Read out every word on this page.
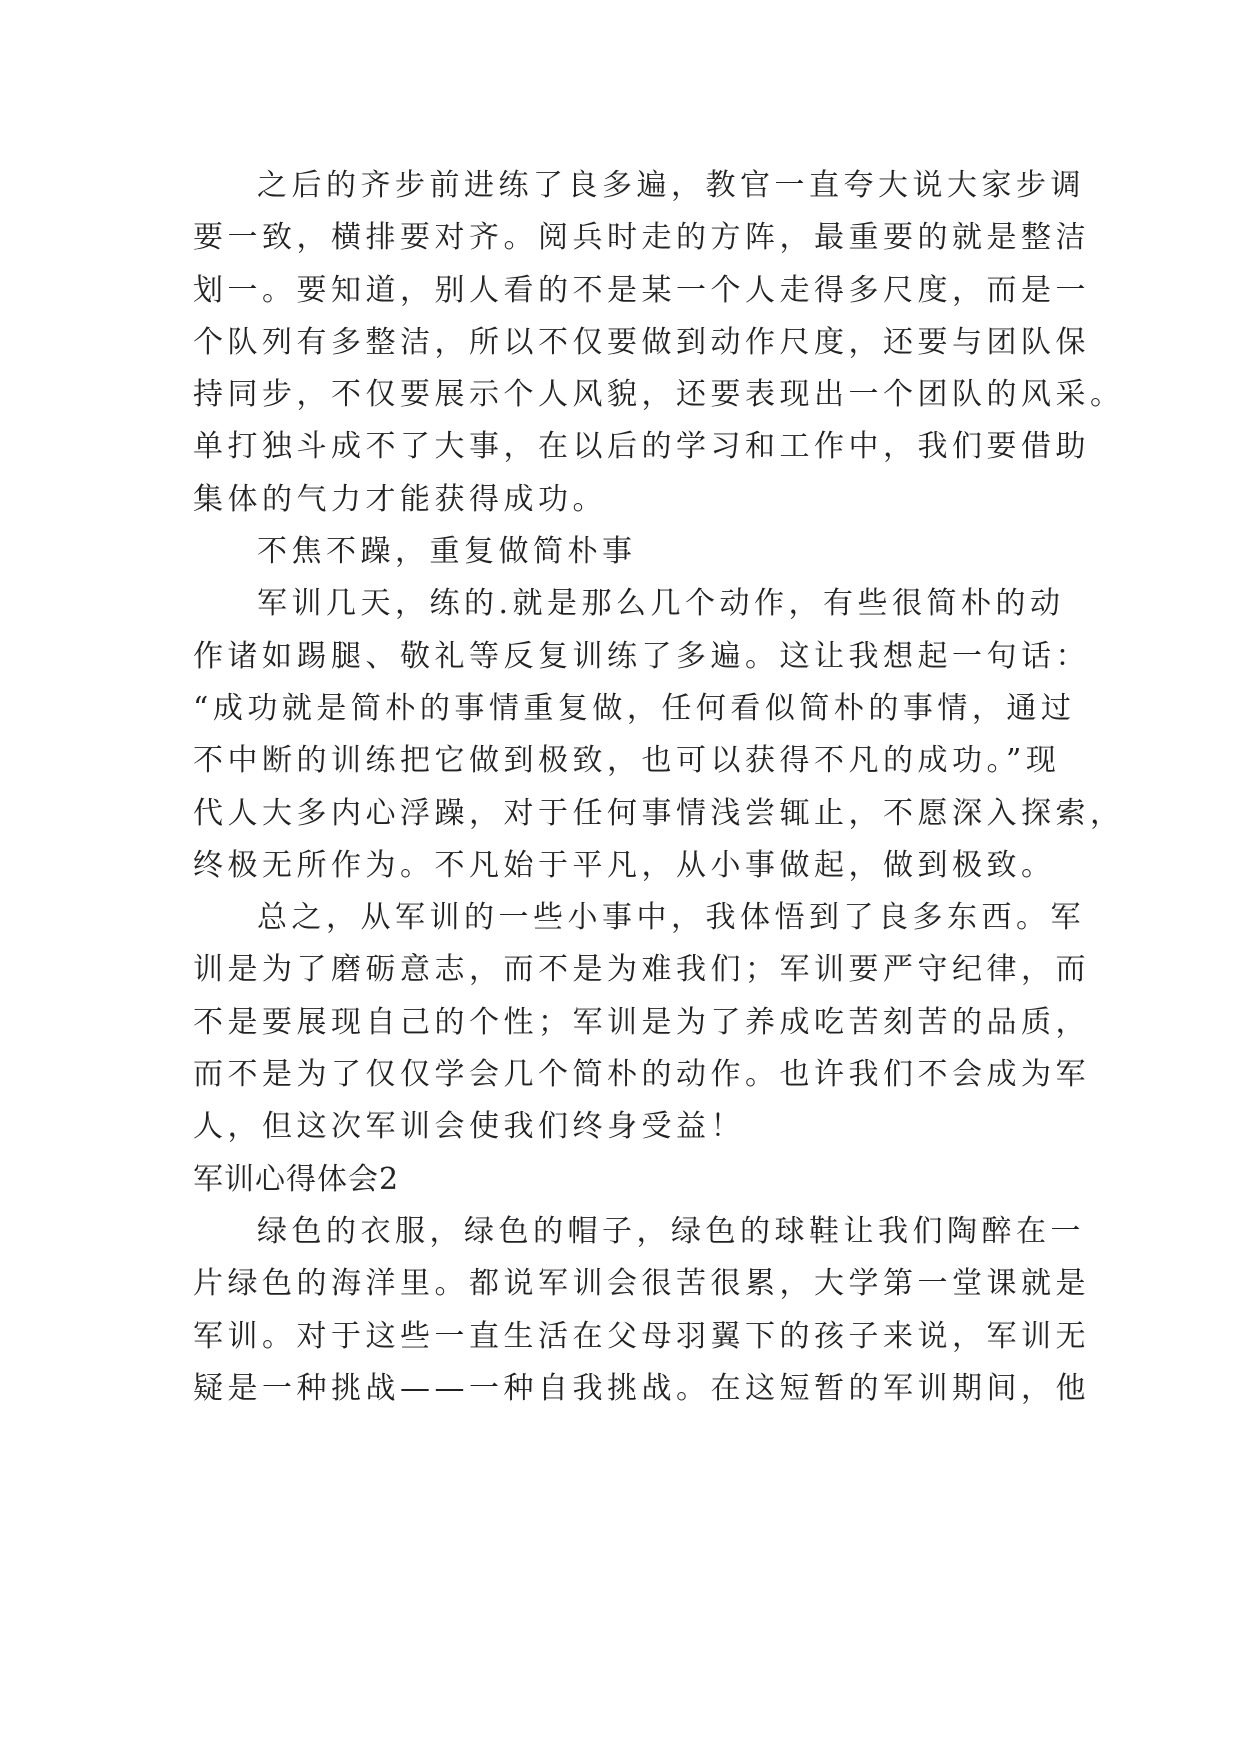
之后的齐步前进练了良多遍，教官一直夸大说大家步调
要一致，横排要对齐。阅兵时走的方阵，最重要的就是整洁
划一。要知道，别人看的不是某一个人走得多尺度，而是一
个队列有多整洁，所以不仅要做到动作尺度，还要与团队保
持同步，不仅要展示个人风貌，还要表现出一个团队的风采。
单打独斗成不了大事，在以后的学习和工作中，我们要借助
集体的气力才能获得成功。
不焦不躁，重复做简朴事
军训几天，练的.就是那么几个动作，有些很简朴的动
作诸如踢腿、敬礼等反复训练了多遍。这让我想起一句话：
“成功就是简朴的事情重复做，任何看似简朴的事情，通过
不中断的训练把它做到极致，也可以获得不凡的成功。”现
代人大多内心浮躁，对于任何事情浅尝辄止，不愿深入探索，
终极无所作为。不凡始于平凡，从小事做起，做到极致。
总之，从军训的一些小事中，我体悟到了良多东西。军
训是为了磨砺意志，而不是为难我们；军训要严守纪律，而
不是要展现自己的个性；军训是为了养成吃苦刻苦的品质，
而不是为了仅仅学会几个简朴的动作。也许我们不会成为军
人，但这次军训会使我们终身受益！
军训心得体会2
绿色的衣服，绿色的帽子，绿色的球鞋让我们陶醉在一
片绿色的海洋里。都说军训会很苦很累，大学第一堂课就是
军训。对于这些一直生活在父母羽翼下的孩子来说，军训无
疑是一种挑战——一种自我挑战。在这短暂的军训期间，他
